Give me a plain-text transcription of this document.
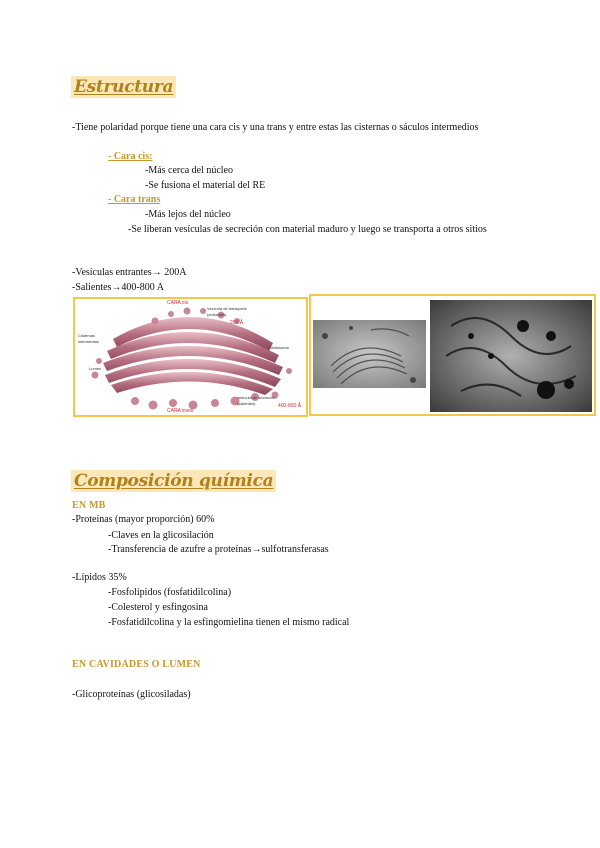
Estructura
-Tiene polaridad porque tiene una cara cis y una trans y entre estas las cisternas o sáculos intermedios
- Cara cis:
-Más cerca del núcleo
-Se fusiona el material del RE
- Cara trans
-Más lejos del núcleo
-Se liberan vesículas de secreción con material maduro y luego se transporta a otros sitios
-Vesículas entrantes→ 200A
-Salientes→400-800 A
CARA cis
Vesícula de transporte
(entrantes)
200 Å
Cisternas
intermedias
Dictiosoma
Lumen
vesícula de secreción
(salientes)	400-800 Å
CARA trans
Composición química
EN MB
-Proteínas (mayor proporción) 60%
-Claves en la glicosilación
-Transferencia de azufre a proteínas→sulfotransferasas
-Lípidos 35%
-Fosfolípidos (fosfatidilcolina)
-Colesterol y esfingosina
-Fosfatidilcolina y la esfingomielina tienen el mismo radical
EN CAVIDADES O LUMEN
-Glicoproteínas (glicosiladas)
